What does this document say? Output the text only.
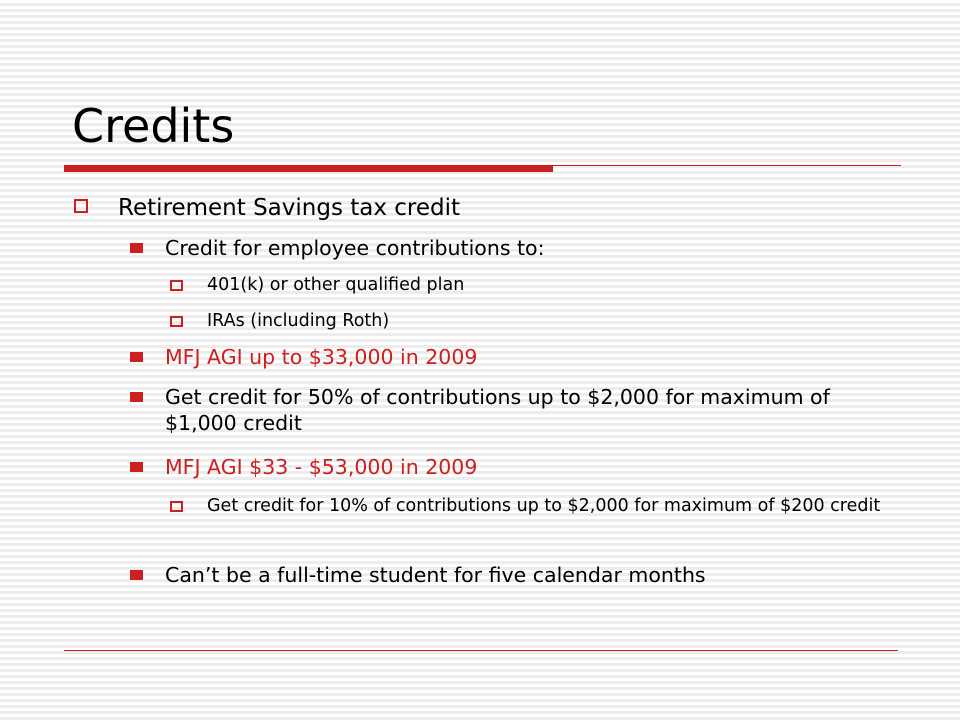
Credits
Retirement Savings tax credit
Credit for employee contributions to:
401(k) or other qualified plan
IRAs (including Roth)
MFJ AGI up to $33,000 in 2009
Get credit for 50% of contributions up to $2,000 for maximum of $1,000 credit
MFJ AGI $33 - $53,000 in 2009
Get credit for 10% of contributions up to $2,000 for maximum of $200 credit
Can’t be a full-time student for five calendar months
